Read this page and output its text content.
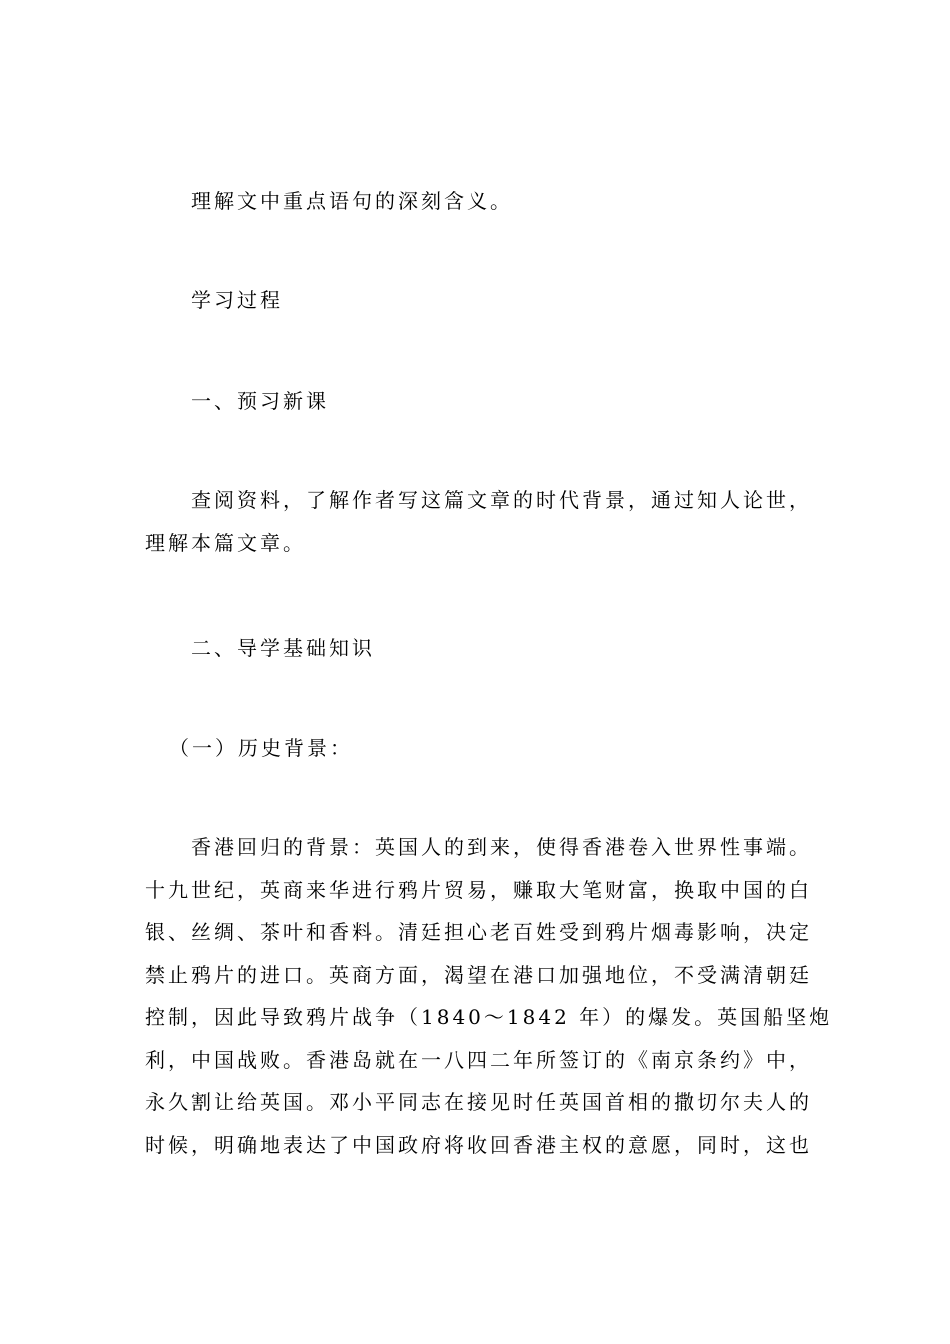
理解文中重点语句的深刻含义。

学习过程

一、预习新课

查阅资料，了解作者写这篇文章的时代背景，通过知人论世，
理解本篇文章。

二、导学基础知识

（一）历史背景：

香港回归的背景：英国人的到来，使得香港卷入世界性事端。
十九世纪，英商来华进行鸦片贸易，赚取大笔财富，换取中国的白
银、丝绸、茶叶和香料。清廷担心老百姓受到鸦片烟毒影响，决定
禁止鸦片的进口。英商方面，渴望在港口加强地位，不受满清朝廷
控制，因此导致鸦片战争（1840～1842 年）的爆发。英国船坚炮
利，中国战败。香港岛就在一八四二年所签订的《南京条约》中，
永久割让给英国。邓小平同志在接见时任英国首相的撒切尔夫人的
时候，明确地表达了中国政府将收回香港主权的意愿，同时，这也
